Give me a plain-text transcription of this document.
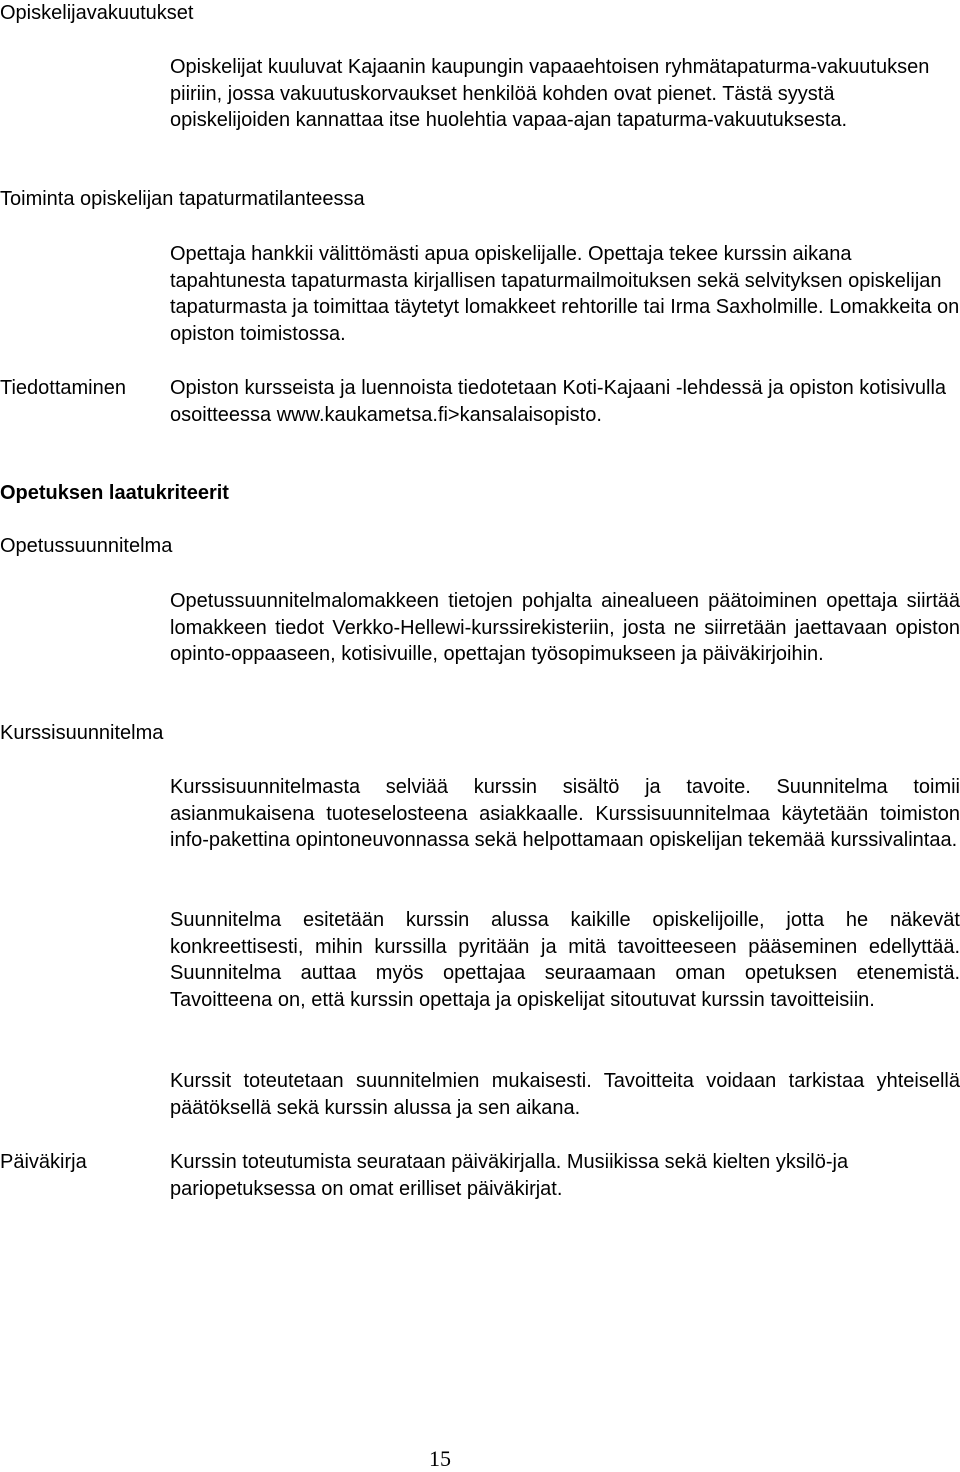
Opiskelijavakuutukset
Opiskelijat kuuluvat Kajaanin kaupungin vapaaehtoisen ryhmätapaturma-vakuutuksen piiriin, jossa vakuutuskorvaukset henkilöä kohden ovat pienet. Tästä syystä opiskelijoiden kannattaa itse huolehtia vapaa-ajan tapaturma-vakuutuksesta.
Toiminta opiskelijan tapaturmatilanteessa
Opettaja hankkii välittömästi apua opiskelijalle. Opettaja tekee kurssin aikana tapahtunesta tapaturmasta kirjallisen tapaturmailmoituksen sekä selvityksen opiskelijan tapaturmasta ja toimittaa täytetyt lomakkeet rehtorille tai Irma Saxholmille. Lomakkeita on opiston toimistossa.
Tiedottaminen Opiston kursseista ja luennoista tiedotetaan Koti-Kajaani -lehdessä ja opiston kotisivulla osoitteessa www.kaukametsa.fi>kansalaisopisto.
Opetuksen laatukriteerit
Opetussuunnitelma
Opetussuunnitelmalomakkeen tietojen pohjalta ainealueen päätoiminen opettaja siirtää lomakkeen tiedot Verkko-Hellewi-kurssirekisteriin, josta ne siirretään jaettavaan opiston opinto-oppaaseen, kotisivuille, opettajan työsopimukseen ja päiväkirjoihin.
Kurssisuunnitelma
Kurssisuunnitelmasta selviää kurssin sisältö ja tavoite. Suunnitelma toimii asianmukaisena tuoteselosteena asiakkaalle. Kurssisuunnitelmaa käytetään toimiston info-pakettina opintoneuvonnassa sekä helpottamaan opiskelijan tekemää kurssivalintaa.
Suunnitelma esitetään kurssin alussa kaikille opiskelijoille, jotta he näkevät konkreettisesti, mihin kurssilla pyritään ja mitä tavoitteeseen pääseminen edellyttää. Suunnitelma auttaa myös opettajaa seuraamaan oman opetuksen etenemistä. Tavoitteena on, että kurssin opettaja ja opiskelijat sitoutuvat kurssin tavoitteisiin.
Kurssit toteutetaan suunnitelmien mukaisesti. Tavoitteita voidaan tarkistaa yhteisellä päätöksellä sekä kurssin alussa ja sen aikana.
Päiväkirja	Kurssin toteutumista seurataan päiväkirjalla. Musiikissa sekä kielten yksilö-ja pariopetuksessa on omat erilliset päiväkirjat.
15
